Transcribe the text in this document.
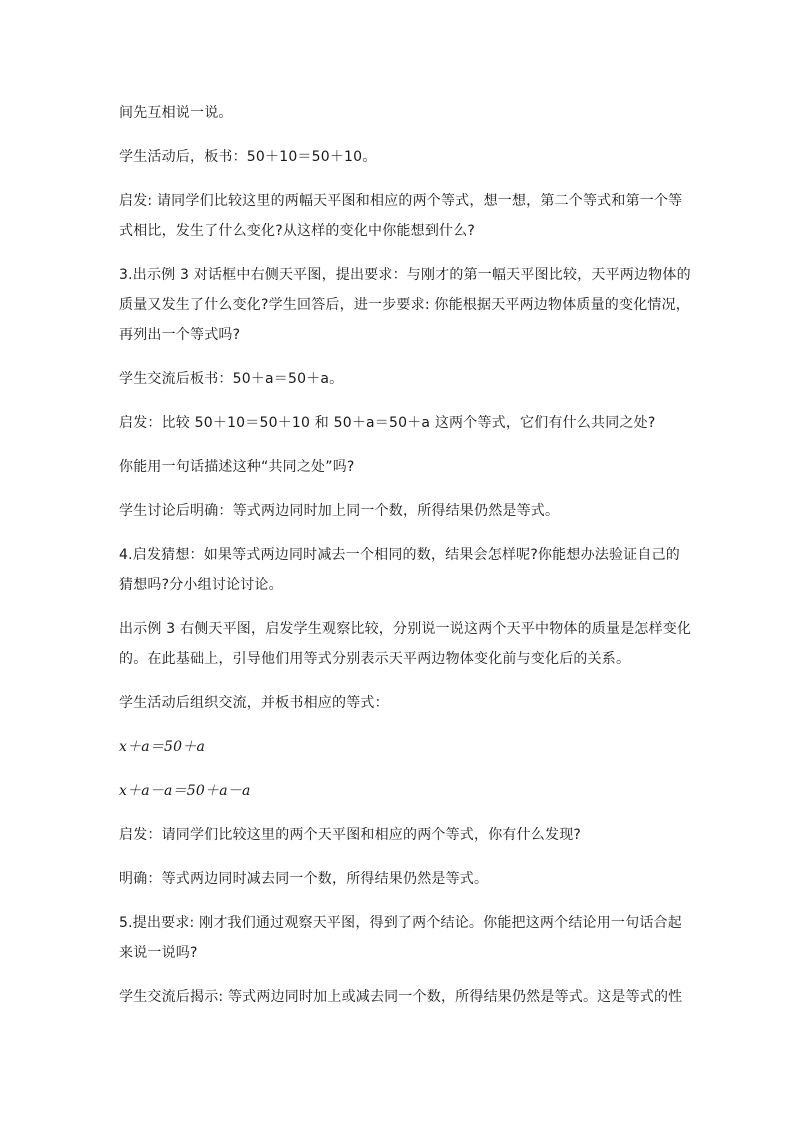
间先互相说一说。

学生活动后，板书：50＋10＝50＋10。

启发: 请同学们比较这里的两幅天平图和相应的两个等式，想一想，第二个等式和第一个等
式相比，发生了什么变化?从这样的变化中你能想到什么?

3.出示例 3 对话框中右侧天平图，提出要求：与刚才的第一幅天平图比较，天平两边物体的
质量又发生了什么变化?学生回答后，进一步要求: 你能根据天平两边物体质量的变化情况，
再列出一个等式吗?

学生交流后板书：50＋a＝50＋a。

启发：比较 50＋10＝50＋10 和 50＋a＝50＋a 这两个等式，它们有什么共同之处?

你能用一句话描述这种“共同之处”吗?

学生讨论后明确：等式两边同时加上同一个数，所得结果仍然是等式。

4.启发猜想：如果等式两边同时减去一个相同的数，结果会怎样呢?你能想办法验证自己的
猜想吗?分小组讨论讨论。

出示例 3 右侧天平图，启发学生观察比较，分别说一说这两个天平中物体的质量是怎样变化
的。在此基础上，引导他们用等式分别表示天平两边物体变化前与变化后的关系。

学生活动后组织交流，并板书相应的等式：

x＋a＝50＋a

x＋a－a＝50＋a－a

启发：请同学们比较这里的两个天平图和相应的两个等式，你有什么发现?

明确：等式两边同时减去同一个数，所得结果仍然是等式。

5.提出要求: 刚才我们通过观察天平图，得到了两个结论。你能把这两个结论用一句话合起
来说一说吗?

学生交流后揭示: 等式两边同时加上或减去同一个数，所得结果仍然是等式。这是等式的性
